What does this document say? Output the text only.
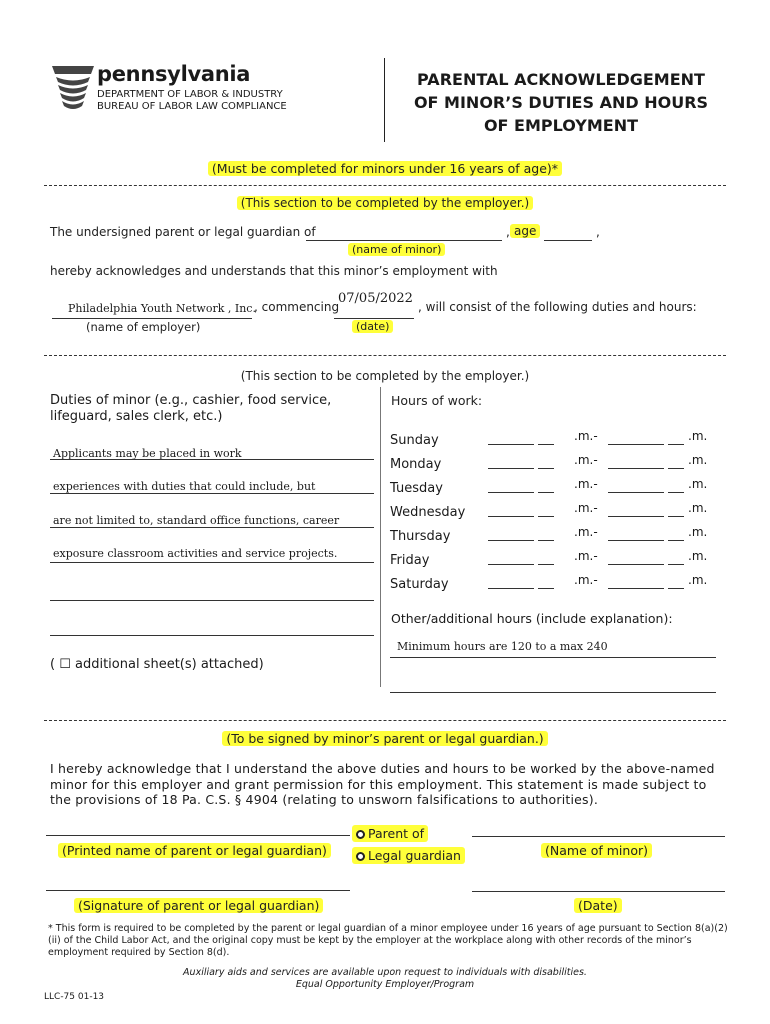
pennsylvania
DEPARTMENT OF LABOR & INDUSTRY
BUREAU OF LABOR LAW COMPLIANCE
PARENTAL ACKNOWLEDGEMENT
OF MINOR’S DUTIES AND HOURS
OF EMPLOYMENT
(Must be completed for minors under 16 years of age)*
(This section to be completed by the employer.)
The undersigned parent or legal guardian of	, age	,
(name of minor)
hereby acknowledges and understands that this minor’s employment with
Philadelphia Youth Network , Inc.
, commencing
07/05/2022
, will consist of the following duties and hours:
(name of employer)	(date)
(This section to be completed by the employer.)
Duties of minor (e.g., cashier, food service,
lifeguard, sales clerk, etc.)
Applicants may be placed in work
experiences with duties that could include, but
are not limited to, standard office functions, career
exposure classroom activities and service projects.
( ☐ additional sheet(s) attached)
Hours of work:
Sunday	.m.-	.m.
Monday	.m.-	.m.
Tuesday	.m.-	.m.
Wednesday	.m.-	.m.
Thursday	.m.-	.m.
Friday	.m.-	.m.
Saturday	.m.-	.m.
Other/additional hours (include explanation):
Minimum hours are 120 to a max 240
(To be signed by minor’s parent or legal guardian.)
I hereby acknowledge that I understand the above duties and hours to be worked by the above-named minor for this employer and grant permission for this employment. This statement is made subject to the provisions of 18 Pa. C.S. § 4904 (relating to unsworn falsifications to authorities).
Parent of
Legal guardian
(Printed name of parent or legal guardian)	(Name of minor)
(Signature of parent or legal guardian)	(Date)
* This form is required to be completed by the parent or legal guardian of a minor employee under 16 years of age pursuant to Section 8(a)(2)(ii) of the Child Labor Act, and the original copy must be kept by the employer at the workplace along with other records of the minor’s employment required by Section 8(d).
Auxiliary aids and services are available upon request to individuals with disabilities.
Equal Opportunity Employer/Program
LLC-75 01-13
